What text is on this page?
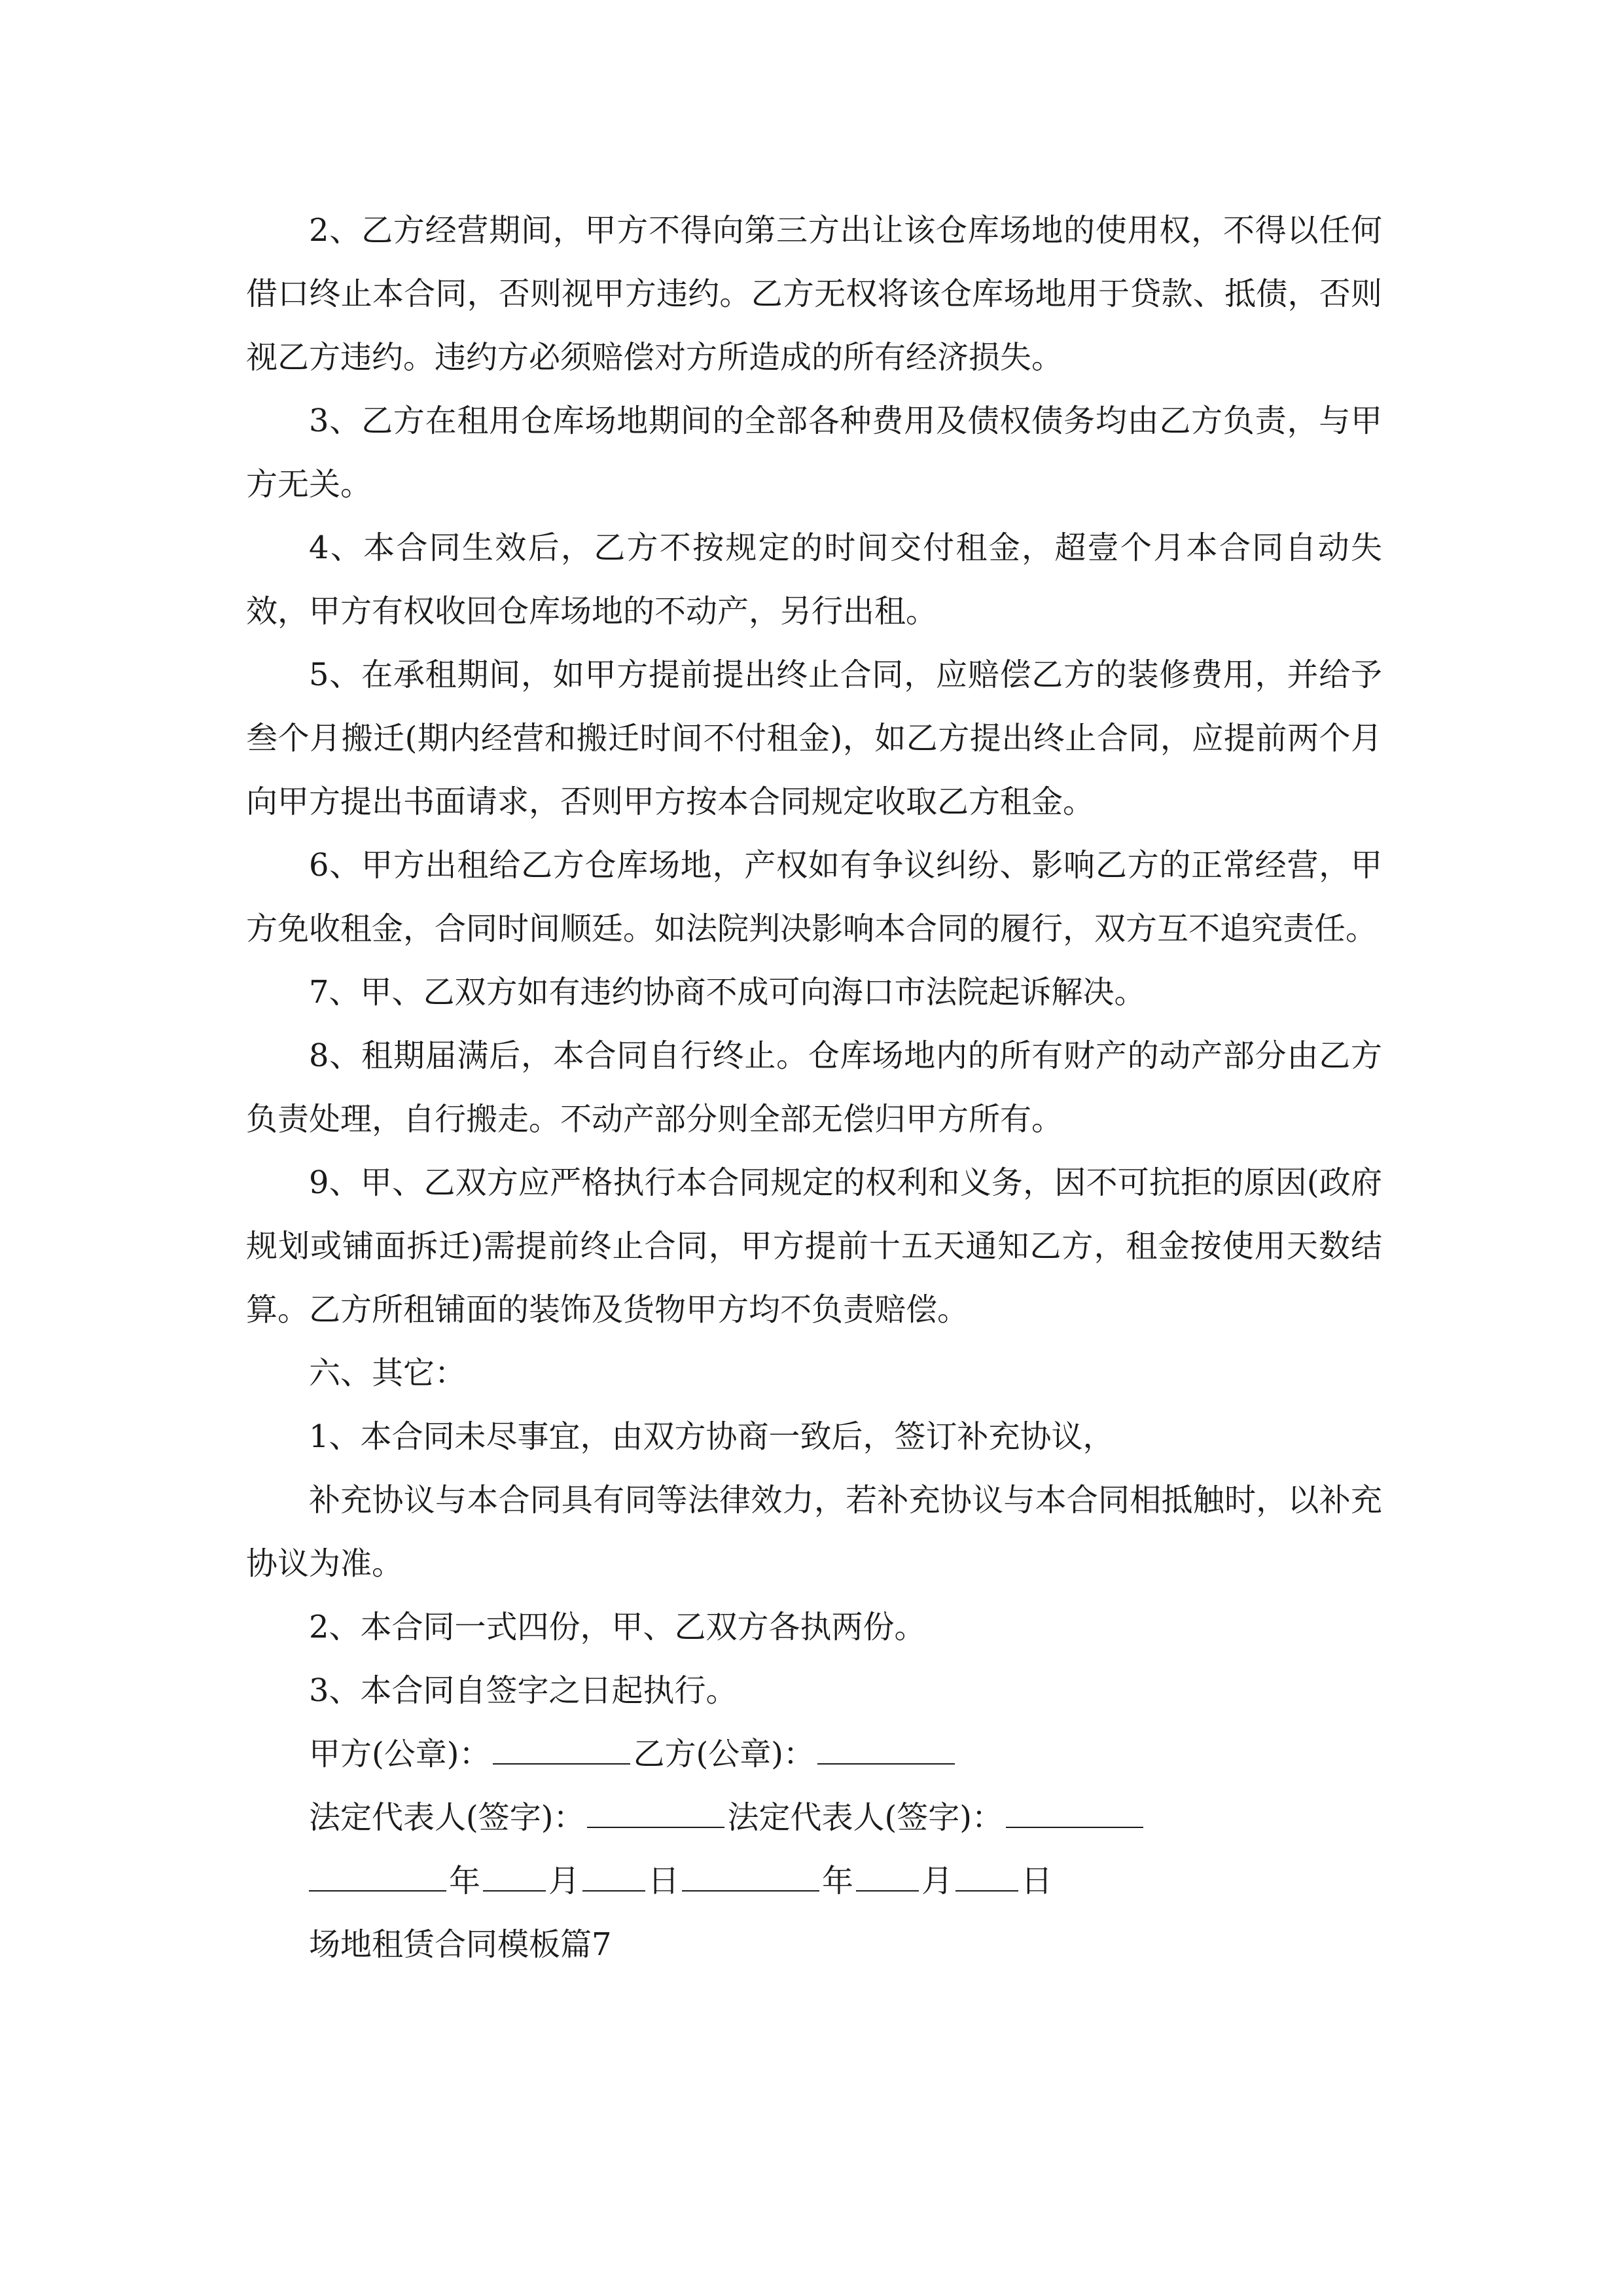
2、乙方经营期间，甲方不得向第三方出让该仓库场地的使用权，不得以任何借口终止本合同，否则视甲方违约。乙方无权将该仓库场地用于贷款、抵债，否则视乙方违约。违约方必须赔偿对方所造成的所有经济损失。

3、乙方在租用仓库场地期间的全部各种费用及债权债务均由乙方负责，与甲方无关。

4、本合同生效后，乙方不按规定的时间交付租金，超壹个月本合同自动失效，甲方有权收回仓库场地的不动产，另行出租。

5、在承租期间，如甲方提前提出终止合同，应赔偿乙方的装修费用，并给予叁个月搬迁(期内经营和搬迁时间不付租金)，如乙方提出终止合同，应提前两个月向甲方提出书面请求，否则甲方按本合同规定收取乙方租金。

6、甲方出租给乙方仓库场地，产权如有争议纠纷、影响乙方的正常经营，甲方免收租金，合同时间顺廷。如法院判决影响本合同的履行，双方互不追究责任。

7、甲、乙双方如有违约协商不成可向海口市法院起诉解决。

8、租期届满后，本合同自行终止。仓库场地内的所有财产的动产部分由乙方负责处理，自行搬走。不动产部分则全部无偿归甲方所有。

9、甲、乙双方应严格执行本合同规定的权利和义务，因不可抗拒的原因(政府规划或铺面拆迁)需提前终止合同，甲方提前十五天通知乙方，租金按使用天数结算。乙方所租铺面的装饰及货物甲方均不负责赔偿。

六、其它：

1、本合同未尽事宜，由双方协商一致后，签订补充协议，

补充协议与本合同具有同等法律效力，若补充协议与本合同相抵触时，以补充协议为准。

2、本合同一式四份，甲、乙双方各执两份。

3、本合同自签字之日起执行。

甲方(公章)：	乙方(公章)：
法定代表人(签字)：	法定代表人(签字)：
年 月 日	年 月 日
场地租赁合同模板篇7
